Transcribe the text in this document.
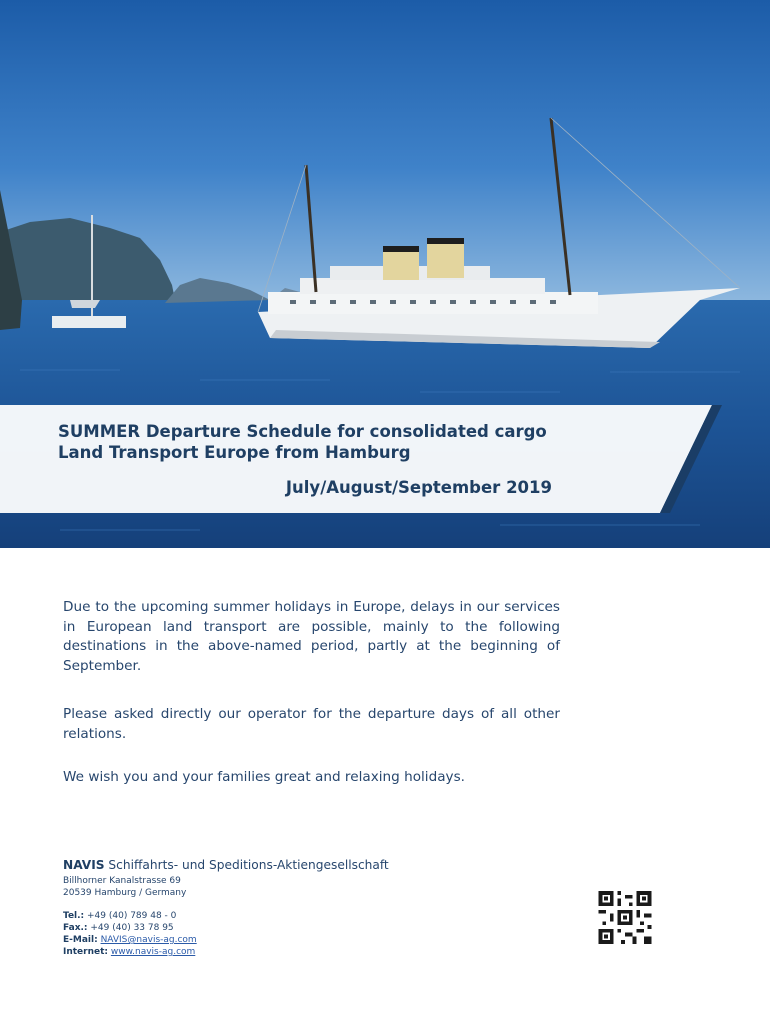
SUMMER Departure Schedule for consolidated cargo
Land Transport Europe from Hamburg
July/August/September 2019
Due to the upcoming summer holidays in Europe, delays in our services in European land transport are possible, mainly to the following destinations in the above-named period, partly at the beginning of September.
Please asked directly our operator for the departure days of all other relations.
We wish you and your families great and relaxing holidays.
NAVIS Schiffahrts- und Speditions-Aktiengesellschaft
Billhorner Kanalstrasse 69
20539 Hamburg / Germany
Tel.: +49 (40) 789 48 - 0
Fax.: +49 (40) 33 78 95
E-Mail: NAVIS@navis-ag.com
Internet: www.navis-ag.com
